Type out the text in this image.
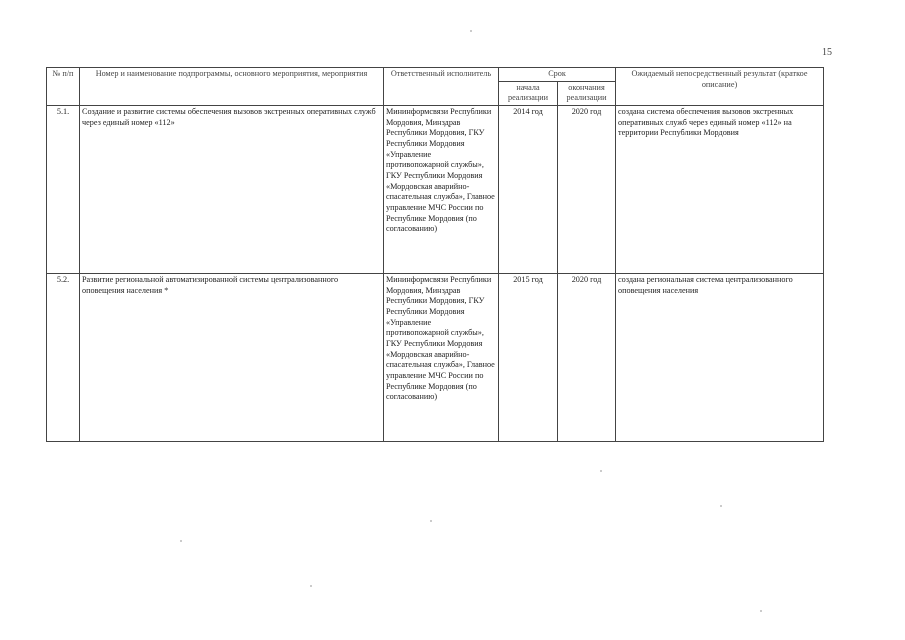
15
№ п/п	Номер и наименование подпрограммы, основного мероприятия, мероприятия	Ответственный исполнитель	Срок		Ожидаемый непосредственный результат (краткое описание)
			начала реализации	окончания реализации	
5.1.	Создание и развитие системы обеспечения вызовов экстренных оперативных служб через единый номер «112»	Мининформсвязи Республики Мордовия, Минздрав Республики Мордовия, ГКУ Республики Мордовия «Управление противопожарной службы», ГКУ Республики Мордовия «Мордовская аварийно-спасательная служба», Главное управление МЧС России по Республике Мордовия (по согласованию)	2014 год	2020 год	создана система обеспечения вызовов экстренных оперативных служб через единый номер «112» на территории Республики Мордовия
5.2.	Развитие региональной автоматизированной системы централизованного оповещения населения *	Мининформсвязи Республики Мордовия, Минздрав Республики Мордовия, ГКУ Республики Мордовия «Управление противопожарной службы», ГКУ Республики Мордовия «Мордовская аварийно-спасательная служба», Главное управление МЧС России по Республике Мордовия (по согласованию)	2015 год	2020 год	создана региональная система централизованного оповещения населения
